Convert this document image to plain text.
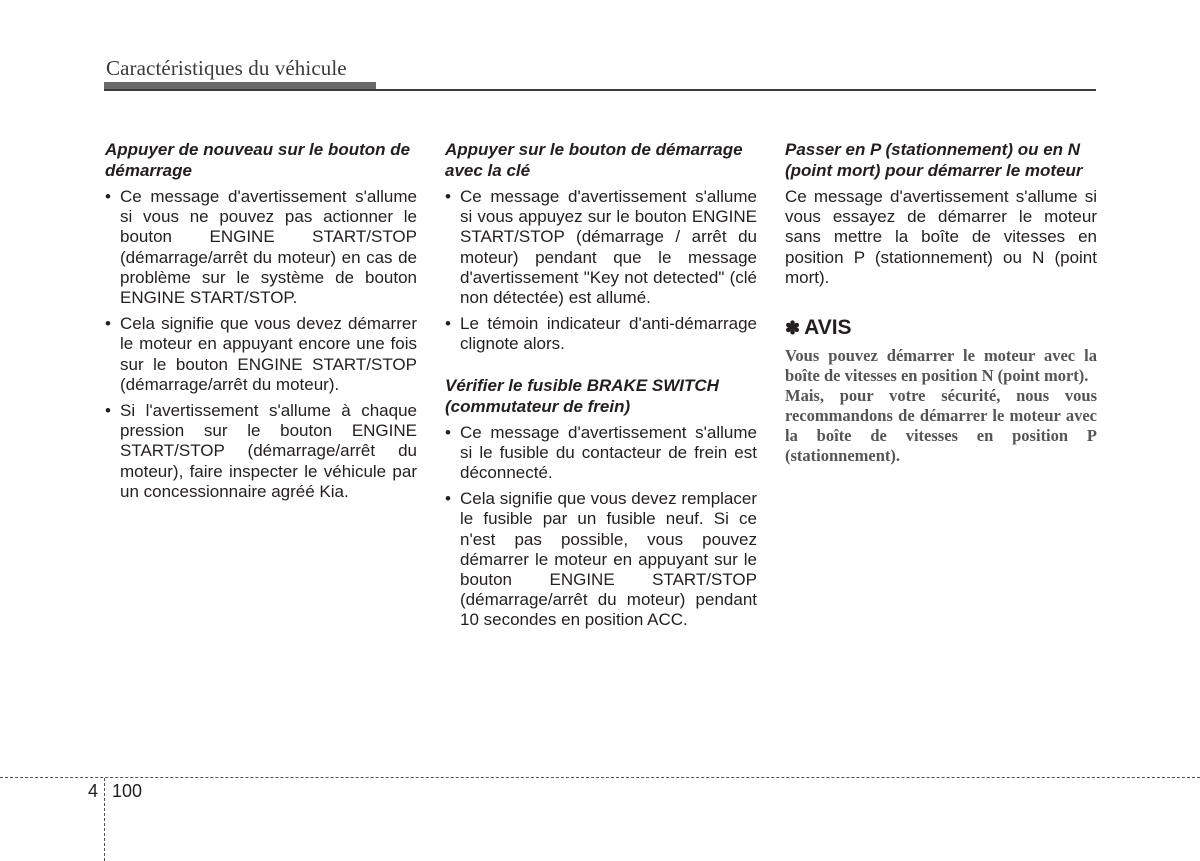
Caractéristiques du véhicule
Appuyer de nouveau sur le bouton de démarrage
• Ce message d'avertissement s'allume si vous ne pouvez pas actionner le bouton ENGINE START/STOP (démarrage/arrêt du moteur) en cas de problème sur le système de bouton ENGINE START/STOP.
• Cela signifie que vous devez démarrer le moteur en appuyant encore une fois sur le bouton ENGINE START/STOP (démarrage/arrêt du moteur).
• Si l'avertissement s'allume à chaque pression sur le bouton ENGINE START/STOP (démarrage/arrêt du moteur), faire inspecter le véhicule par un concessionnaire agréé Kia.
Appuyer sur le bouton de démarrage avec la clé
• Ce message d'avertissement s'allume si vous appuyez sur le bouton ENGINE START/STOP (démarrage / arrêt du moteur) pendant que le message d'avertissement "Key not detected" (clé non détectée) est allumé.
• Le témoin indicateur d'anti-démarrage clignote alors.
Vérifier le fusible BRAKE SWITCH (commutateur de frein)
• Ce message d'avertissement s'allume si le fusible du contacteur de frein est déconnecté.
• Cela signifie que vous devez remplacer le fusible par un fusible neuf. Si ce n'est pas possible, vous pouvez démarrer le moteur en appuyant sur le bouton ENGINE START/STOP (démarrage/arrêt du moteur) pendant 10 secondes en position ACC.
Passer en P (stationnement) ou en N (point mort) pour démarrer le moteur

Ce message d'avertissement s'allume si vous essayez de démarrer le moteur sans mettre la boîte de vitesses en position P (stationnement) ou N (point mort).

✽ AVIS

Vous pouvez démarrer le moteur avec la boîte de vitesses en position N (point mort).

Mais, pour votre sécurité, nous vous recommandons de démarrer le moteur avec la boîte de vitesses en position P (stationnement).

4 100
